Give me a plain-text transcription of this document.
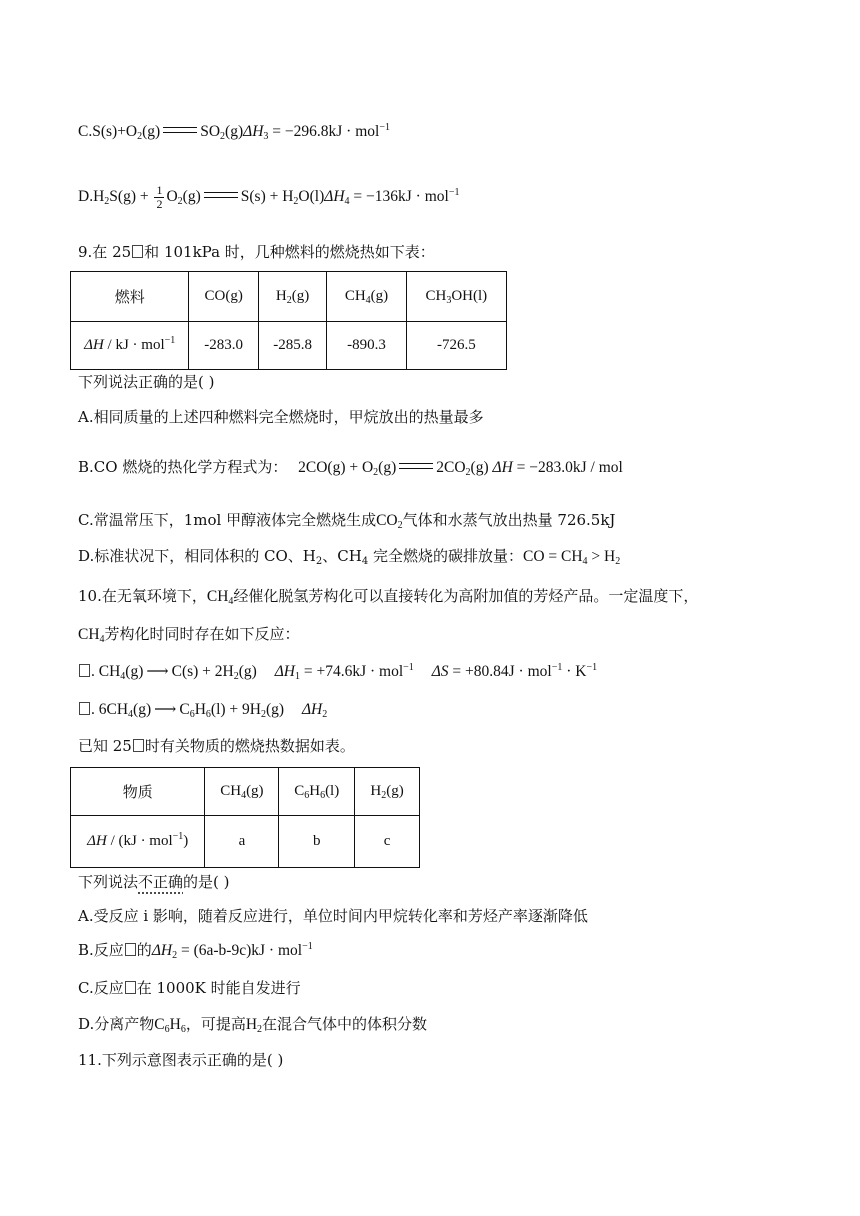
$C.S(s)+O_2(g)$	$SO_2(g)\Delta H_3 = -296.8kJ \cdot mol^{-1}$
$D.H_2S(g) + \frac{1}{2} O_2(g)$	$S(s) + H_2O(l)\Delta H_4 = -136kJ \cdot mol^{-1}$
9.在 25 和 101kPa 时，几种燃料的燃烧热如下表：
燃料	CO(g)	$H_2(g)$	$CH_4(g)$	$CH_3OH(l)$
ΔH / kJ · mol$^{-1}$	-283.0	-285.8	-890.3	-726.5
下列说法正确的是( )
A.相同质量的上述四种燃料完全燃烧时，甲烷放出的热量最多
B.CO 燃烧的热化学方程式为： $2CO(g) + O_2(g)$	$2CO_2(g) \Delta H = -283.0kJ$ / mol
C.常温常压下，1mol 甲醇液体完全燃烧生成$CO_2$气体和水蒸气放出热量 726.5kJ
D.标准状况下，相同体积的 CO、$H_2$、$CH_4$ 完全燃烧的碳排放量：CO = $CH_4 > H_2$
10.在无氧环境下，$CH_4$经催化脱氢芳构化可以直接转化为高附加值的芳烃产品。一定温度下，
$CH_4$芳构化时同时存在如下反应：
. $CH_4(g)$ ⟶ $C(s) + 2H_2(g) \Delta H_1 = +74.6kJ \cdot mol^{-1}$ $\Delta S = +80.84J \cdot mol^{-1} \cdot K^{-1}$
. $6CH_4(g)$ ⟶ $C_6H_6(l) + 9H_2(g)$ $\Delta H_2$
已知 25 时有关物质的燃烧热数据如表。
物质	$CH_4(g)$	$C_6H_6(l)$	$H_2(g)$
ΔH / (kJ · mol$^{-1}$)	a	b	c
下列说法不正确的是( )
A.受反应 i 影响，随着反应进行，单位时间内甲烷转化率和芳烃产率逐渐降低
B.反应 的$\Delta H_2 = (6a-b-9c)kJ \cdot mol^{-1}$
C.反应 在 1000K 时能自发进行
D.分离产物$C_6H_6$，可提高$H_2$在混合气体中的体积分数
11.下列示意图表示正确的是( )
